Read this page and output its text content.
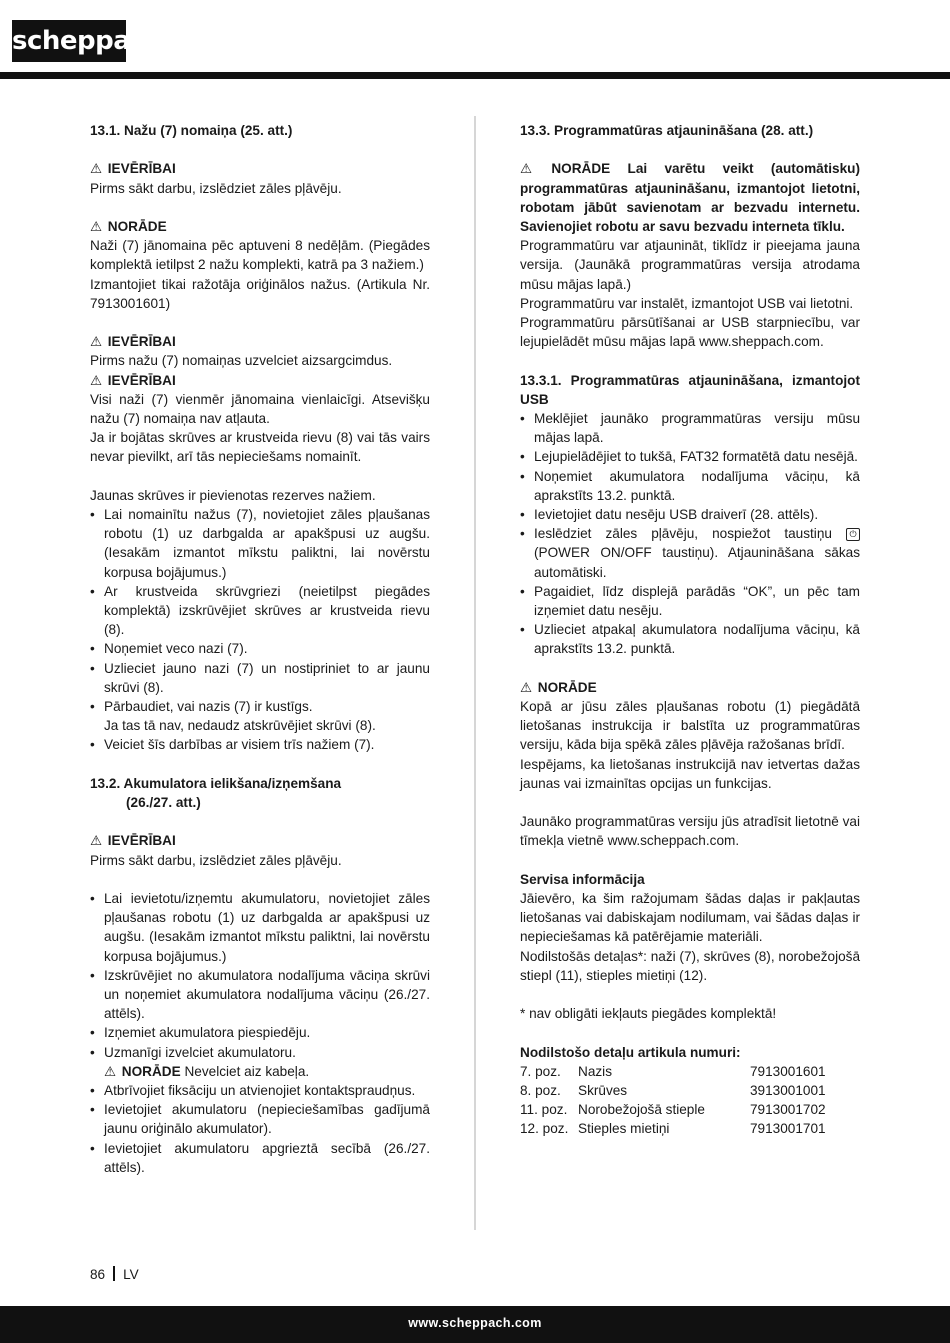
scheppach

13.1. Nažu (7) nomaiņa (25. att.)

⚠ IEVĒRĪBAI

Pirms sākt darbu, izslēdziet zāles pļāvēju.

⚠ NORĀDE

Naži (7) jānomaina pēc aptuveni 8 nedēļām. (Piegādes komplektā ietilpst 2 nažu komplekti, katrā pa 3 nažiem.)

Izmantojiet tikai ražotāja oriģinālos nažus. (Artikula Nr. 7913001601)

⚠ IEVĒRĪBAI

Pirms nažu (7) nomaiņas uzvelciet aizsargcimdus.

⚠ IEVĒRĪBAI

Visi naži (7) vienmēr jānomaina vienlaicīgi. Atsevišķu nažu (7) nomaiņa nav atļauta.

Ja ir bojātas skrūves ar krustveida rievu (8) vai tās vairs nevar pievilkt, arī tās nepieciešams nomainīt.

Jaunas skrūves ir pievienotas rezerves nažiem.

• Lai nomainītu nažus (7), novietojiet zāles pļaušanas robotu (1) uz darbgalda ar apakšpusi uz augšu. (Iesakām izmantot mīkstu paliktni, lai novērstu korpusa bojājumus.)
• Ar krustveida skrūvgriezi (neietilpst piegādes komplektā) izskrūvējiet skrūves ar krustveida rievu (8).
• Noņemiet veco nazi (7).
• Uzlieciet jauno nazi (7) un nostipriniet to ar jaunu skrūvi (8).
• Pārbaudiet, vai nazis (7) ir kustīgs.
Ja tas tā nav, nedaudz atskrūvējiet skrūvi (8).
• Veiciet šīs darbības ar visiem trīs nažiem (7).

13.2. Akumulatora ielikšana/izņemšana

(26./27. att.)

⚠ IEVĒRĪBAI

Pirms sākt darbu, izslēdziet zāles pļāvēju.

• Lai ievietotu/izņemtu akumulatoru, novietojiet zāles pļaušanas robotu (1) uz darbgalda ar apakšpusi uz augšu. (Iesakām izmantot mīkstu paliktni, lai novērstu korpusa bojājumus.)
• Izskrūvējiet no akumulatora nodalījuma vāciņa skrūvi un noņemiet akumulatora nodalījuma vāciņu (26./27. attēls).
• Izņemiet akumulatora piespiedēju.
• Uzmanīgi izvelciet akumulatoru.
⚠ NORĀDE Nevelciet aiz kabeļa.
• Atbrīvojiet fiksāciju un atvienojiet kontaktspraudņus.
• Ievietojiet akumulatoru (nepieciešamības gadījumā jaunu oriģinālo akumulator).
• Ievietojiet akumulatoru apgrieztā secībā (26./27. attēls).

13.3. Programmatūras atjaunināšana (28. att.)

⚠ NORĀDE Lai varētu veikt (automātisku) programmatūras atjaunināšanu, izmantojot lietotni, robotam jābūt savienotam ar bezvadu internetu. Savienojiet robotu ar savu bezvadu interneta tīklu.

Programmatūru var atjaunināt, tiklīdz ir pieejama jauna versija. (Jaunākā programmatūras versija atrodama mūsu mājas lapā.)

Programmatūru var instalēt, izmantojot USB vai lietotni.

Programmatūru pārsūtīšanai ar USB starpniecību, var lejupielādēt mūsu mājas lapā www.sheppach.com.

13.3.1. Programmatūras atjaunināšana, izmantojot USB

• Meklējiet jaunāko programmatūras versiju mūsu mājas lapā.
• Lejupielādējiet to tukšā, FAT32 formatētā datu nesējā.
• Noņemiet akumulatora nodalījuma vāciņu, kā aprakstīts 13.2. punktā.
• Ievietojiet datu nesēju USB draiverī (28. attēls).
• Ieslēdziet zāles pļāvēju, nospiežot taustiņu ⏻ (POWER ON/OFF taustiņu). Atjaunināšana sākas automātiski.
• Pagaidiet, līdz displejā parādās “OK”, un pēc tam izņemiet datu nesēju.
• Uzlieciet atpakaļ akumulatora nodalījuma vāciņu, kā aprakstīts 13.2. punktā.

⚠ NORĀDE

Kopā ar jūsu zāles pļaušanas robotu (1) piegādātā lietošanas instrukcija ir balstīta uz programmatūras versiju, kāda bija spēkā zāles pļāvēja ražošanas brīdī.

Iespējams, ka lietošanas instrukcijā nav ietvertas dažas jaunas vai izmainītas opcijas un funkcijas.

Jaunāko programmatūras versiju jūs atradīsit lietotnē vai tīmekļa vietnē www.scheppach.com.

Servisa informācija

Jāievēro, ka šim ražojumam šādas daļas ir pakļautas lietošanas vai dabiskajam nodilumam, vai šādas daļas ir nepieciešamas kā patērējamie materiāli.

Nodilstošās detaļas*: naži (7), skrūves (8), norobežojošā stiepl (11), stieples mietiņi (12).

* nav obligāti iekļauts piegādes komplektā!

Nodilstošo detaļu artikula numuri:

7. poz.	Nazis	7913001601
8. poz.	Skrūves	3913001001
11. poz.	Norobežojošā stieple	7913001702
12. poz.	Stieples mietiņi	7913001701
86 LV
www.scheppach.com
